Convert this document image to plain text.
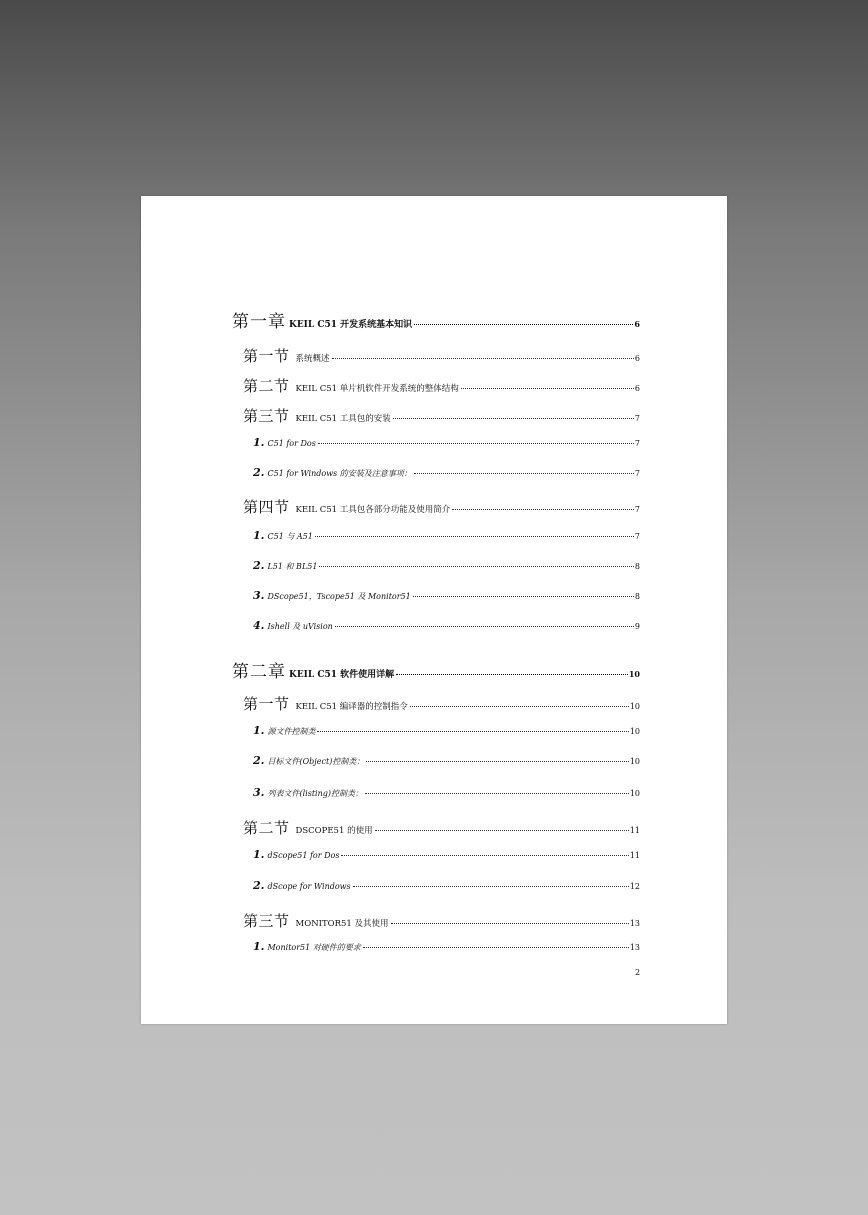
第一章 KEIL C51 开发系统基本知识	6
第一节 系统概述	6
第二节 KEIL C51 单片机软件开发系统的整体结构	6
第三节 KEIL C51 工具包的安装	7
1. C51 for Dos	7
2. C51 for Windows 的安装及注意事项：	7
第四节 KEIL C51 工具包各部分功能及使用简介	7
1. C51 与 A51	7
2. L51 和 BL51	8
3. DScope51，Tscope51 及 Monitor51	8
4. Ishell 及 uVision	9
第二章 KEIL C51 软件使用详解	10
第一节 KEIL C51 编译器的控制指令	10
1. 源文件控制类	10
2. 目标文件(Object)控制类：	10
3. 列表文件(listing)控制类：	10
第二节 DSCOPE51 的使用	11
1. dScope51 for Dos	11
2. dScope for Windows	12
第三节 MONITOR51 及其使用	13
1. Monitor51 对硬件的要求	13
2
